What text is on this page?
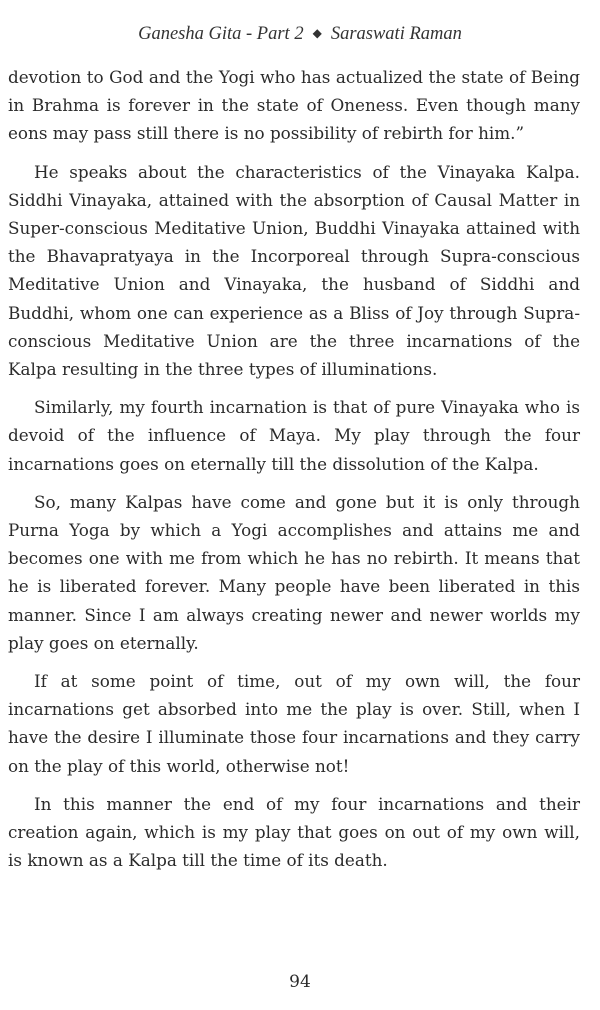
Ganesha Gita - Part 2 ◆ Saraswati Raman

devotion to God and the Yogi who has actualized the state of Being in Brahma is forever in the state of Oneness. Even though many eons may pass still there is no possibility of rebirth for him.”

He speaks about the characteristics of the Vinayaka Kalpa. Siddhi Vinayaka, attained with the absorption of Causal Matter in Super-conscious Meditative Union, Buddhi Vinayaka attained with the Bhavapratyaya in the Incorporeal through Supra-conscious Meditative Union and Vinayaka, the husband of Siddhi and Buddhi, whom one can experience as a Bliss of Joy through Supra-conscious Meditative Union are the three incarnations of the Kalpa resulting in the three types of illuminations.

Similarly, my fourth incarnation is that of pure Vinayaka who is devoid of the influence of Maya. My play through the four incarnations goes on eternally till the dissolution of the Kalpa.

So, many Kalpas have come and gone but it is only through Purna Yoga by which a Yogi accomplishes and attains me and becomes one with me from which he has no rebirth. It means that he is liberated forever. Many people have been liberated in this manner. Since I am always creating newer and newer worlds my play goes on eternally.

If at some point of time, out of my own will, the four incarnations get absorbed into me the play is over. Still, when I have the desire I illuminate those four incarnations and they carry on the play of this world, otherwise not!

In this manner the end of my four incarnations and their creation again, which is my play that goes on out of my own will, is known as a Kalpa till the time of its death.

94
